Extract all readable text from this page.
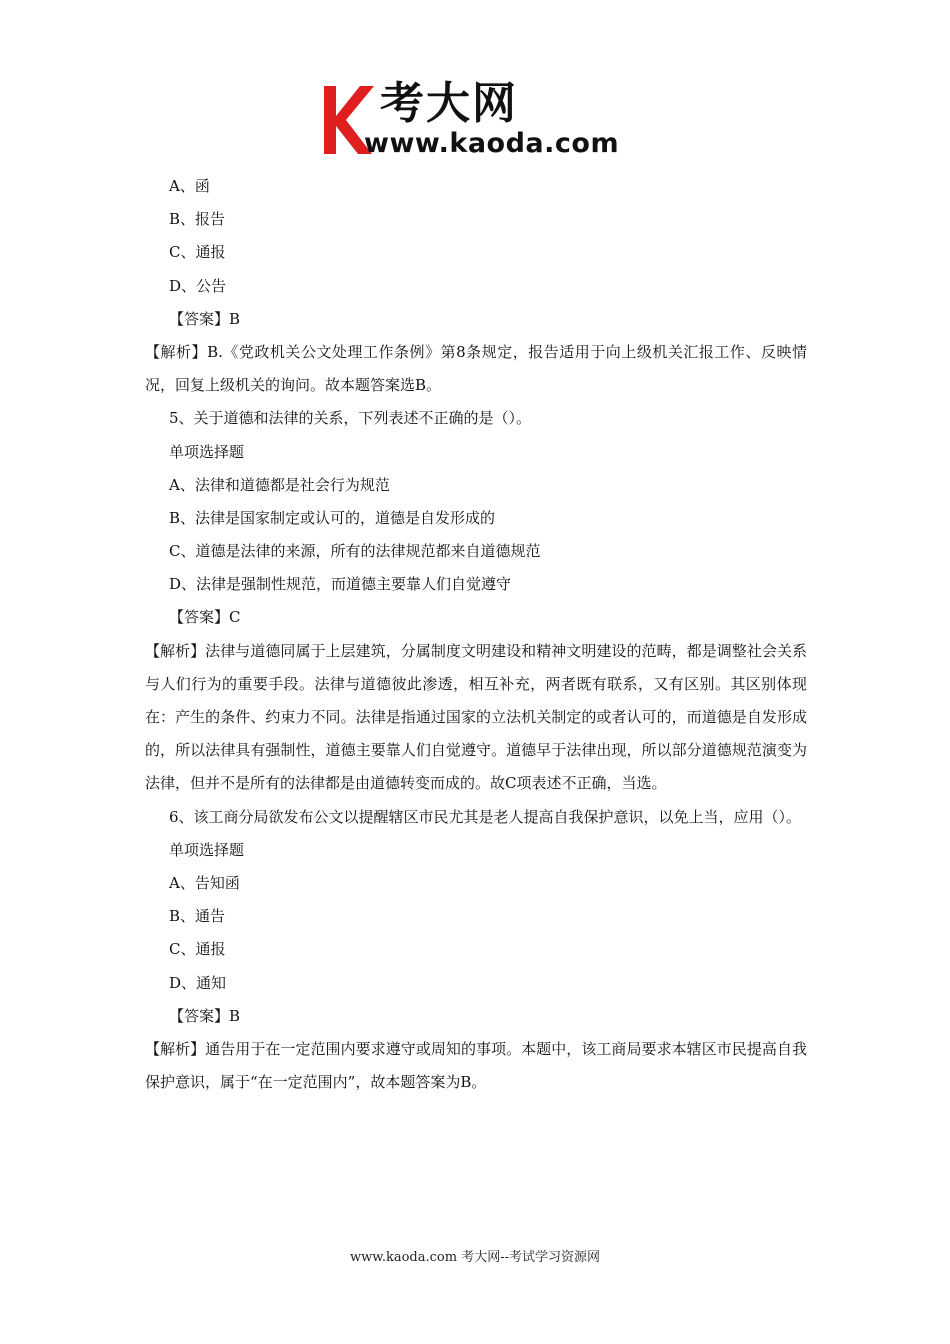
考大网
www.kaoda.com
A、函
B、报告
C、通报
D、公告
【答案】B
【解析】B.《党政机关公文处理工作条例》第8条规定，报告适用于向上级机关汇报工作、反映情况，回复上级机关的询问。故本题答案选B。
5、关于道德和法律的关系，下列表述不正确的是（）。
单项选择题
A、法律和道德都是社会行为规范
B、法律是国家制定或认可的，道德是自发形成的
C、道德是法律的来源，所有的法律规范都来自道德规范
D、法律是强制性规范，而道德主要靠人们自觉遵守
【答案】C
【解析】法律与道德同属于上层建筑，分属制度文明建设和精神文明建设的范畴，都是调整社会关系与人们行为的重要手段。法律与道德彼此渗透，相互补充，两者既有联系，又有区别。其区别体现在：产生的条件、约束力不同。法律是指通过国家的立法机关制定的或者认可的，而道德是自发形成的，所以法律具有强制性，道德主要靠人们自觉遵守。道德早于法律出现，所以部分道德规范演变为法律，但并不是所有的法律都是由道德转变而成的。故C项表述不正确，当选。
6、该工商分局欲发布公文以提醒辖区市民尤其是老人提高自我保护意识，以免上当，应用（）。
单项选择题
A、告知函
B、通告
C、通报
D、通知
【答案】B
【解析】通告用于在一定范围内要求遵守或周知的事项。本题中，该工商局要求本辖区市民提高自我保护意识，属于“在一定范围内”，故本题答案为B。
www.kaoda.com 考大网--考试学习资源网
